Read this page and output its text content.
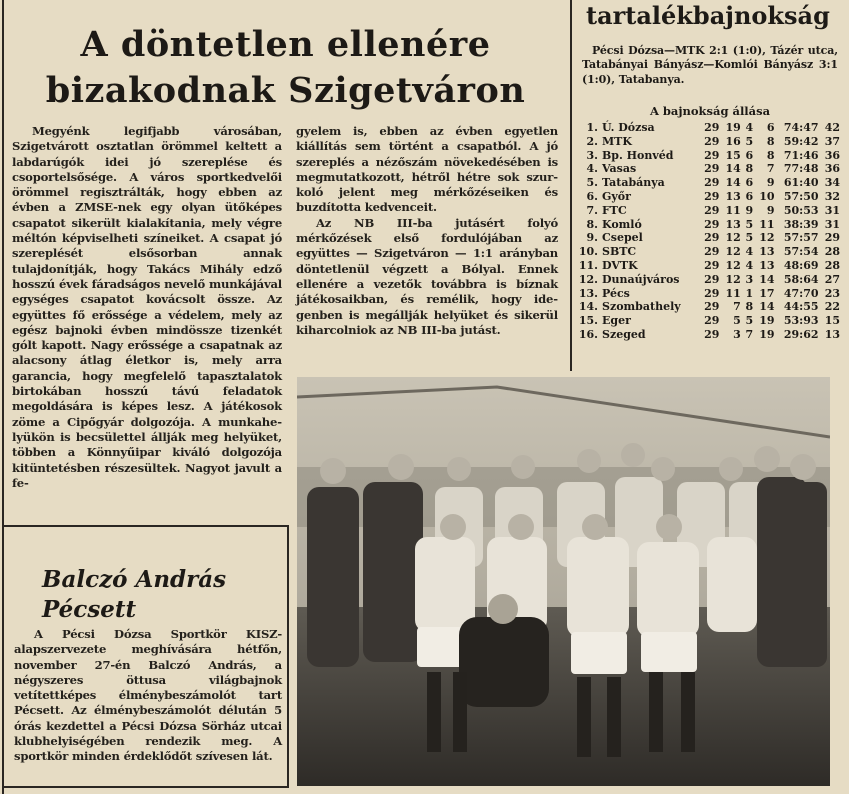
A döntetlen ellenére
bizakodnak Szigetváron

Megyénk legifjabb városában, Szigetvárott osztatlan örömmel keltett a labdarúgók idei jó szereplése és csoportelsősége. A város sportkedvelői örömmel regisztrálták, hogy ebben az évben a ZMSE-nek egy olyan ütőképes csapatot sikerült kialakítania, mely végre méltón képviselheti színeiket. A csapat jó szereplését elsősorban annak tulajdonítják, hogy Takács Mihály edző hosszú évek fáradságos nevelő munkájával egységes csapatot kovácsolt össze. Az együttes fő erőssége a védelem, mely az egész bajnoki évben mindössze tizenkét gólt kapott. Nagy erőssége a csapatnak az alacsony átlag életkor is, mely arra garancia, hogy megfelelő tapasztalatok birtokában hosszú távú feladatok megoldására is képes lesz. A játékosok zöme a Cipőgyár dolgozója. A munkahelyükön is becsülettel állják meg helyüket, többen a Könnyűipar kiváló dolgozója kitüntetésben részesültek. Nagyot javult a fe-

gyelem is, ebben az évben egyetlen kiállítás sem történt a csapatból. A jó szereplés a nézőszám növekedésében is megmutatkozott, hétről hétre sok szurkoló jelent meg mérkőzéseiken és buzdította kedvenceit.

Az NB III-ba jutásért folyó mérkőzések első fordulójában az együttes — Szigetváron — 1:1 arányban döntetlenül végzett a Bólyal. Ennek ellenére a vezetők továbbra is bíznak játékosaikban, és remélik, hogy idegenben is megállják helyüket és sikerül kiharcolniok az NB III-ba jutást.

Balczó András
Pécsett

A Pécsi Dózsa Sportkör KISZ-alapszervezete meghívására hétfőn, november 27-én Balczó András, a négyszeres öttusa világbajnok vetítettképes élménybeszámolót tart Pécsett. Az élménybeszámolót délután 5 órás kezdettel a Pécsi Dózsa Sörház utcai klubhelyiségében rendezik meg. A sportkör minden érdeklődőt szívesen lát.

tartalékbajnokság

Pécsi Dózsa—MTK 2:1 (1:0), Tázér utca, Tatabányai Bányász—Komlói Bányász 3:1 (1:0), Tatabanya.

A bajnokság állása
1.	Ú. Dózsa	29	19	4	6	74:47	42
2.	MTK	29	16	5	8	59:42	37
3.	Bp. Honvéd	29	15	6	8	71:46	36
4.	Vasas	29	14	8	7	77:48	36
5.	Tatabánya	29	14	6	9	61:40	34
6.	Győr	29	13	6	10	57:50	32
7.	FTC	29	11	9	9	50:53	31
8.	Komló	29	13	5	11	38:39	31
9.	Csepel	29	12	5	12	57:57	29
10.	SBTC	29	12	4	13	57:54	28
11.	DVTK	29	12	4	13	48:69	28
12.	Dunaújváros	29	12	3	14	58:64	27
13.	Pécs	29	11	1	17	47:70	23
14.	Szombathely	29	7	8	14	44:55	22
15.	Eger	29	5	5	19	53:93	15
16.	Szeged	29	3	7	19	29:62	13
